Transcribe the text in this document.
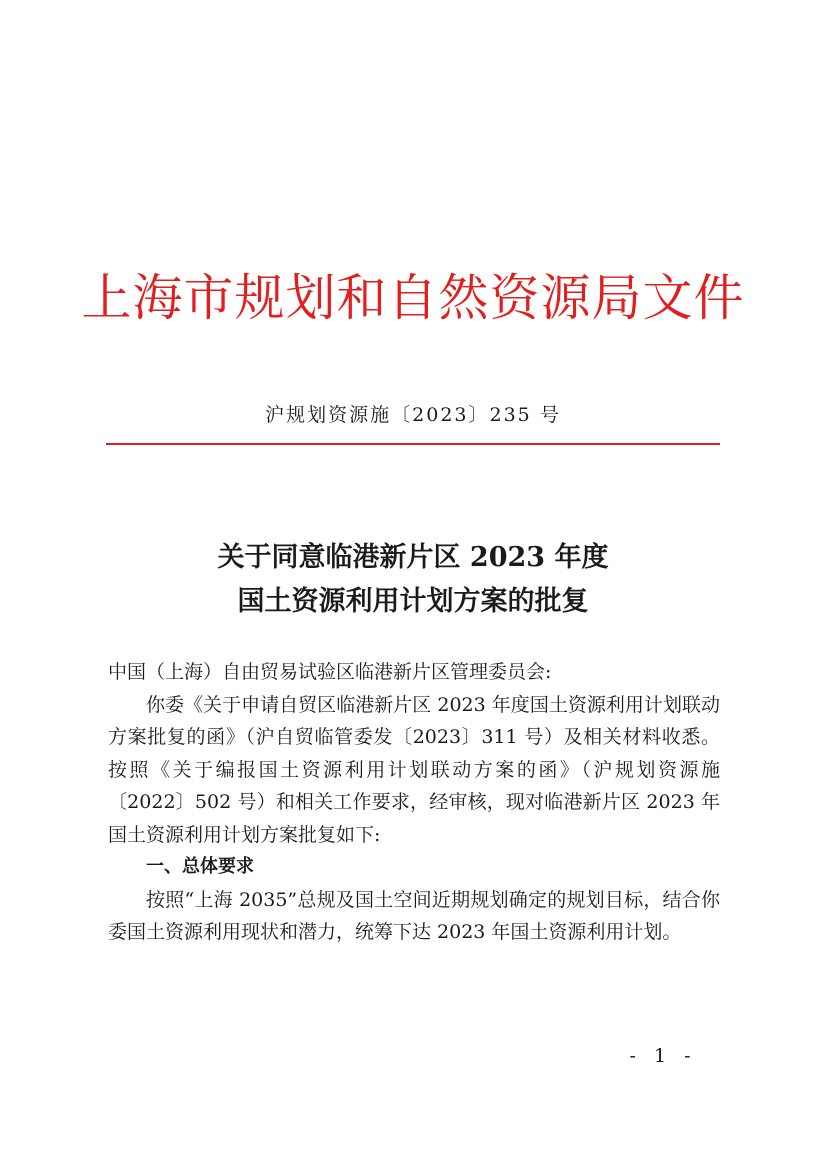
上海市规划和自然资源局文件
沪规划资源施〔2023〕235 号
关于同意临港新片区 2023 年度
国土资源利用计划方案的批复

中国（上海）自由贸易试验区临港新片区管理委员会:

你委《关于申请自贸区临港新片区 2023 年度国土资源利用计划联动方案批复的函》（沪自贸临管委发〔2023〕311 号）及相关材料收悉。按照《关于编报国土资源利用计划联动方案的函》（沪规划资源施〔2022〕502 号）和相关工作要求，经审核，现对临港新片区 2023 年国土资源利用计划方案批复如下:

一、总体要求

按照“上海 2035”总规及国土空间近期规划确定的规划目标，结合你委国土资源利用现状和潜力，统筹下达 2023 年国土资源利用计划。

- 1 -
